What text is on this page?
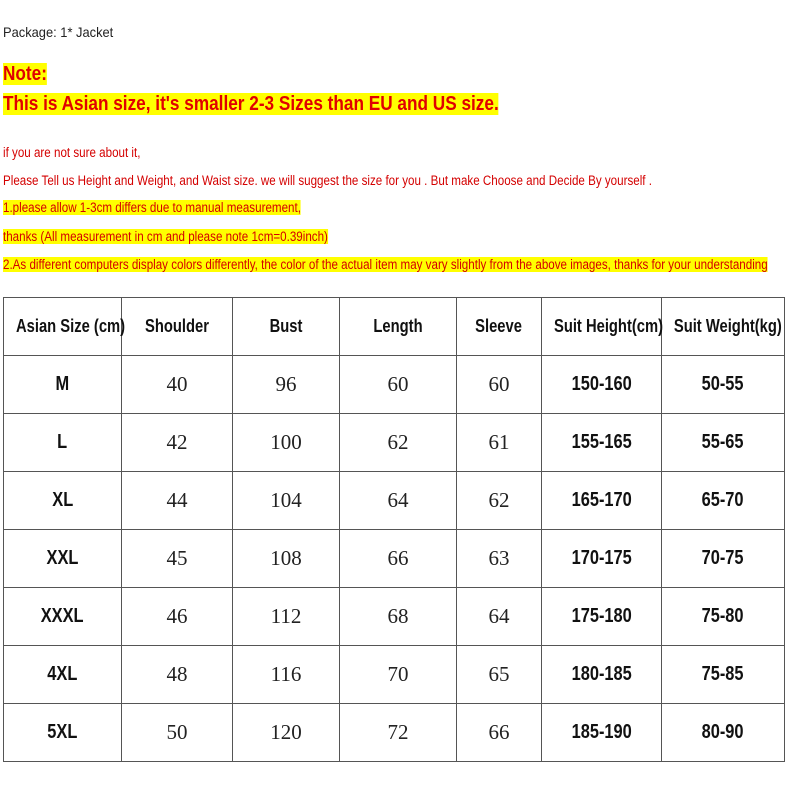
Package: 1* Jacket
Note:
This is Asian size, it's smaller 2-3 Sizes than EU and US size.
if you are not sure about it,
Please Tell us Height and Weight, and Waist size. we will suggest the size for you . But make Choose and Decide By yourself .
1.please allow 1-3cm differs due to manual measurement,
thanks (All measurement in cm and please note 1cm=0.39inch)
2.As different computers display colors differently, the color of the actual item may vary slightly from the above images, thanks for your understanding
Asian Size (cm)	Shoulder	Bust	Length	Sleeve	Suit Height(cm)	Suit Weight(kg)
M	40	96	60	60	150-160	50-55
L	42	100	62	61	155-165	55-65
XL	44	104	64	62	165-170	65-70
XXL	45	108	66	63	170-175	70-75
XXXL	46	112	68	64	175-180	75-80
4XL	48	116	70	65	180-185	75-85
5XL	50	120	72	66	185-190	80-90
